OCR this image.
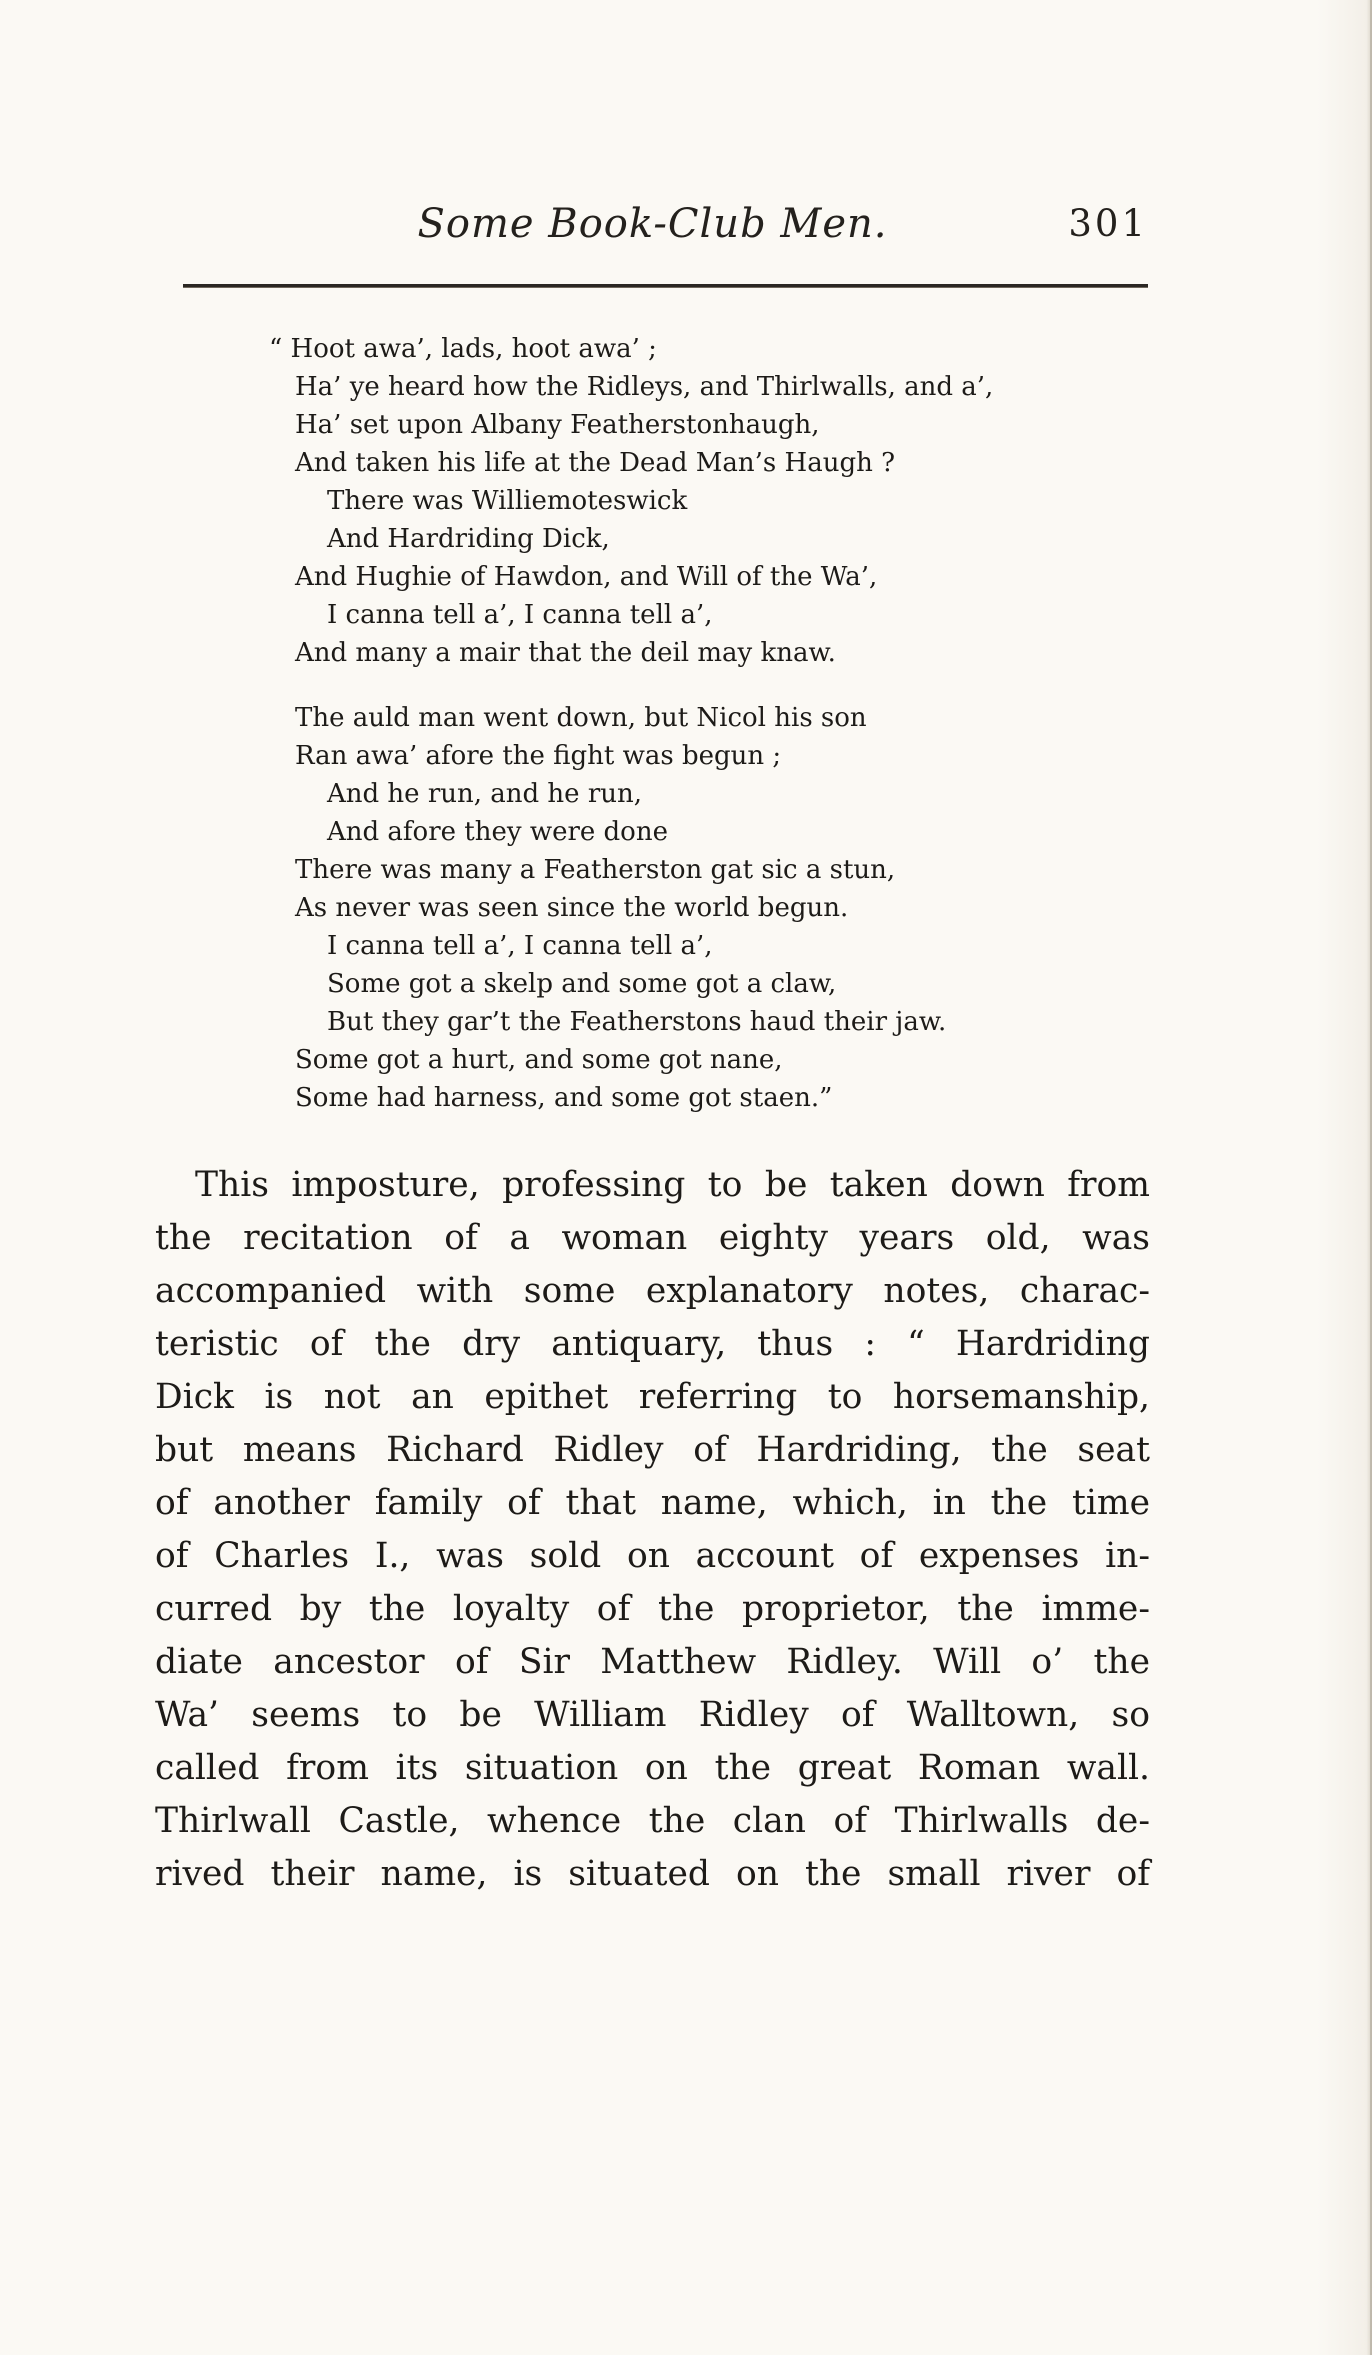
Some Book-Club Men.	301
“ Hoot awa’, lads, hoot awa’ ;
Ha’ ye heard how the Ridleys, and Thirlwalls, and a’,
Ha’ set upon Albany Featherstonhaugh,
And taken his life at the Dead Man’s Haugh ?
There was Williemoteswick
And Hardriding Dick,
And Hughie of Hawdon, and Will of the Wa’,
I canna tell a’, I canna tell a’,
And many a mair that the deil may knaw.
The auld man went down, but Nicol his son
Ran awa’ afore the fight was begun ;
And he run, and he run,
And afore they were done
There was many a Featherston gat sic a stun,
As never was seen since the world begun.
I canna tell a’, I canna tell a’,
Some got a skelp and some got a claw,
But they gar’t the Featherstons haud their jaw.
Some got a hurt, and some got nane,
Some had harness, and some got staen.”
This imposture, professing to be taken down from
the recitation of a woman eighty years old, was
accompanied with some explanatory notes, charac-
teristic of the dry antiquary, thus : “ Hardriding
Dick is not an epithet referring to horsemanship,
but means Richard Ridley of Hardriding, the seat
of another family of that name, which, in the time
of Charles I., was sold on account of expenses in-
curred by the loyalty of the proprietor, the imme-
diate ancestor of Sir Matthew Ridley. Will o’ the
Wa’ seems to be William Ridley of Walltown, so
called from its situation on the great Roman wall.
Thirlwall Castle, whence the clan of Thirlwalls de-
rived their name, is situated on the small river of
